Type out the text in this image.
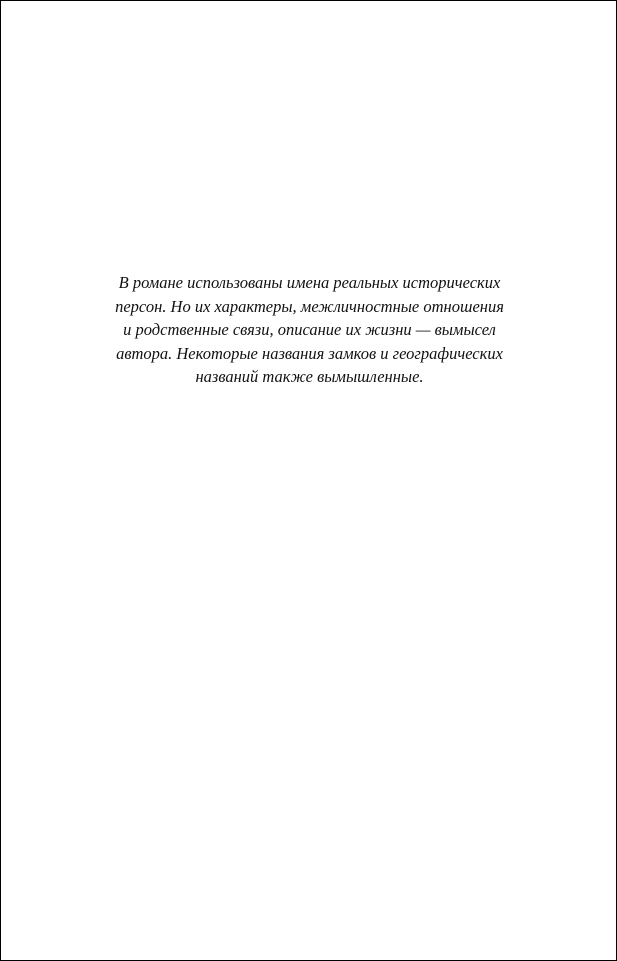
В романе использованы имена реальных исторических
персон. Но их характеры, межличностные отношения
и родственные связи, описание их жизни — вымысел
автора. Некоторые названия замков и географических
названий также вымышленные.
